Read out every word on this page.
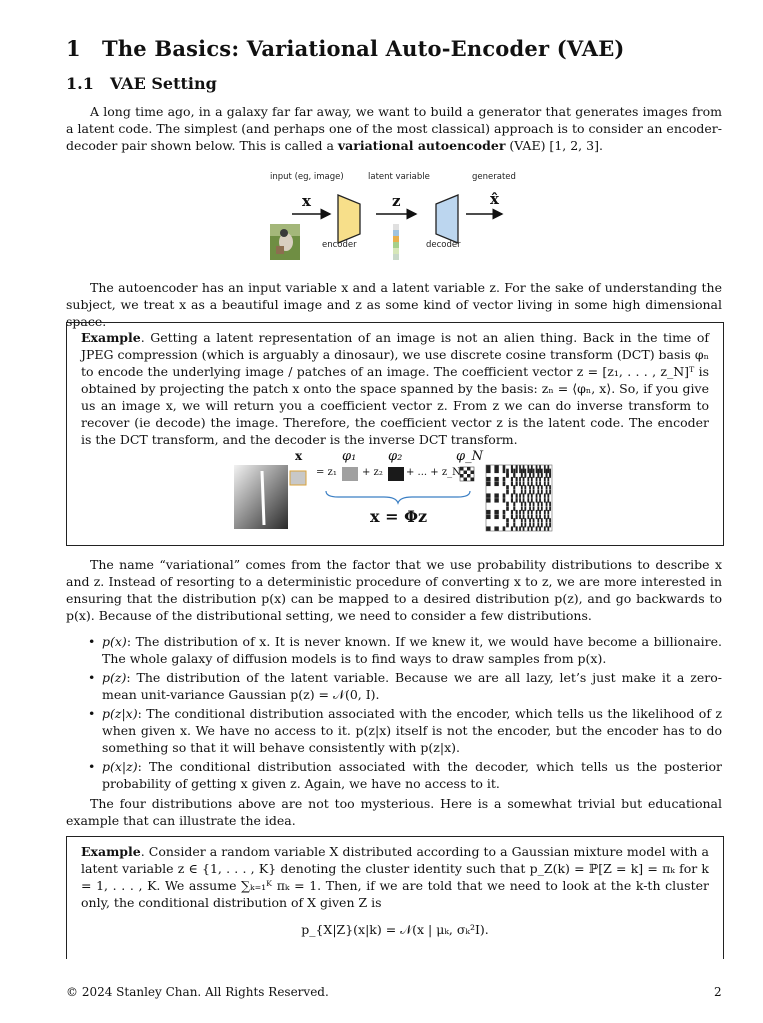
1 The Basics: Variational Auto-Encoder (VAE)
1.1 VAE Setting

A long time ago, in a galaxy far far away, we want to build a generator that generates images from a latent code. The simplest (and perhaps one of the most classical) approach is to consider an encoder-decoder pair shown below. This is called a variational autoencoder (VAE) [1, 2, 3].

input (eg, image)	latent variable	generated
x	z	x̂
encoder	decoder

The autoencoder has an input variable x and a latent variable z. For the sake of understanding the subject, we treat x as a beautiful image and z as some kind of vector living in some high dimensional space.

Example. Getting a latent representation of an image is not an alien thing. Back in the time of JPEG compression (which is arguably a dinosaur), we use discrete cosine transform (DCT) basis φₙ to encode the underlying image / patches of an image. The coefficient vector z = [z₁, . . . , z_N]ᵀ is obtained by projecting the patch x onto the space spanned by the basis: zₙ = ⟨φₙ, x⟩. So, if you give us an image x, we will return you a coefficient vector z. From z we can do inverse transform to recover (ie decode) the image. Therefore, the coefficient vector z is the latent code. The encoder is the DCT transform, and the decoder is the inverse DCT transform.
x	φ₁ φ₂	φ_N
= z₁	+ z₂ + ... + z_N
x = Φz

The name “variational” comes from the factor that we use probability distributions to describe x and z. Instead of resorting to a deterministic procedure of converting x to z, we are more interested in ensuring that the distribution p(x) can be mapped to a desired distribution p(z), and go backwards to p(x). Because of the distributional setting, we need to consider a few distributions.

• p(x): The distribution of x. It is never known. If we knew it, we would have become a billionaire. The whole galaxy of diffusion models is to find ways to draw samples from p(x).
• p(z): The distribution of the latent variable. Because we are all lazy, let’s just make it a zero-mean unit-variance Gaussian p(z) = 𝒩(0, I).
• p(z|x): The conditional distribution associated with the encoder, which tells us the likelihood of z when given x. We have no access to it. p(z|x) itself is not the encoder, but the encoder has to do something so that it will behave consistently with p(z|x).
• p(x|z): The conditional distribution associated with the decoder, which tells us the posterior probability of getting x given z. Again, we have no access to it.

The four distributions above are not too mysterious. Here is a somewhat trivial but educational example that can illustrate the idea.

Example. Consider a random variable X distributed according to a Gaussian mixture model with a latent variable z ∈ {1, . . . , K} denoting the cluster identity such that p_Z(k) = ℙ[Z = k] = πₖ for k = 1, . . . , K. We assume ∑ₖ₌₁ᴷ πₖ = 1. Then, if we are told that we need to look at the k-th cluster only, the conditional distribution of X given Z is
p_{X|Z}(x|k) = 𝒩(x | μₖ, σₖ²I).
© 2024 Stanley Chan. All Rights Reserved.	2
